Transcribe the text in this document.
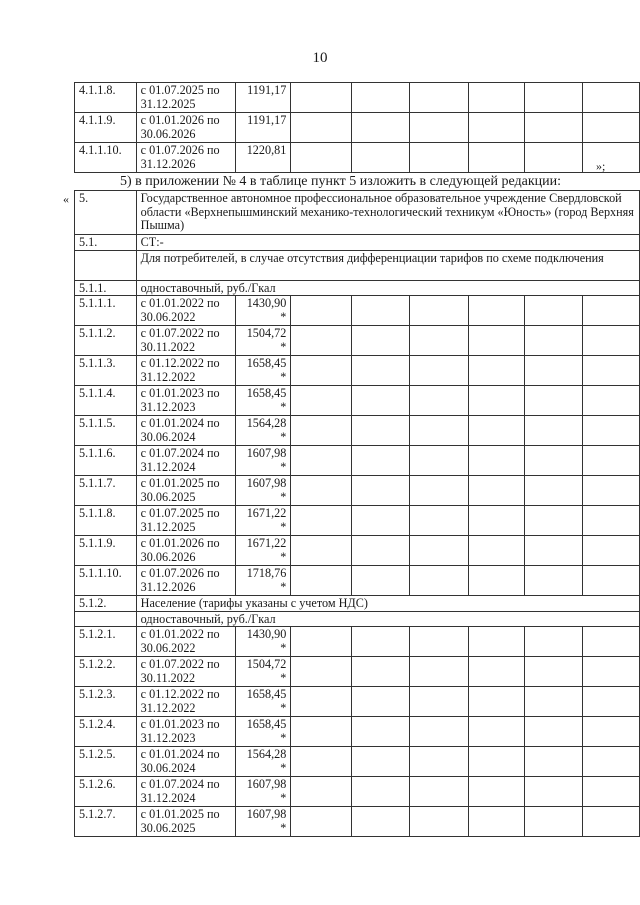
10
4.1.1.8.	с 01.07.2025 по 31.12.2025	1191,17						
4.1.1.9.	с 01.01.2026 по 30.06.2026	1191,17						
4.1.1.10.	с 01.07.2026 по 31.12.2026	1220,81						
»;
5) в приложении № 4 в таблице пункт 5 изложить в следующей редакции:
« 5.	Государственное автономное профессиональное образовательное учреждение Свердловской области «Верхнепышминский механико-технологический техникум «Юность» (город Верхняя Пышма)							
5.1.	СТ:-							
	Для потребителей, в случае отсутствия дифференциации тарифов по схеме подключения							
5.1.1.	одноставочный, руб./Гкал							
5.1.1.1.	с 01.01.2022 по 30.06.2022	1430,90 *						
5.1.1.2.	с 01.07.2022 по 30.11.2022	1504,72 *						
5.1.1.3.	с 01.12.2022 по 31.12.2022	1658,45 *						
5.1.1.4.	с 01.01.2023 по 31.12.2023	1658,45 *						
5.1.1.5.	с 01.01.2024 по 30.06.2024	1564,28 *						
5.1.1.6.	с 01.07.2024 по 31.12.2024	1607,98 *						
5.1.1.7.	с 01.01.2025 по 30.06.2025	1607,98 *						
5.1.1.8.	с 01.07.2025 по 31.12.2025	1671,22 *						
5.1.1.9.	с 01.01.2026 по 30.06.2026	1671,22 *						
5.1.1.10.	с 01.07.2026 по 31.12.2026	1718,76 *						
5.1.2.	Население (тарифы указаны с учетом НДС)							
	одноставочный, руб./Гкал							
5.1.2.1.	с 01.01.2022 по 30.06.2022	1430,90 *						
5.1.2.2.	с 01.07.2022 по 30.11.2022	1504,72 *						
5.1.2.3.	с 01.12.2022 по 31.12.2022	1658,45 *						
5.1.2.4.	с 01.01.2023 по 31.12.2023	1658,45 *						
5.1.2.5.	с 01.01.2024 по 30.06.2024	1564,28 *						
5.1.2.6.	с 01.07.2024 по 31.12.2024	1607,98 *						
5.1.2.7.	с 01.01.2025 по 30.06.2025	1607,98 *						
